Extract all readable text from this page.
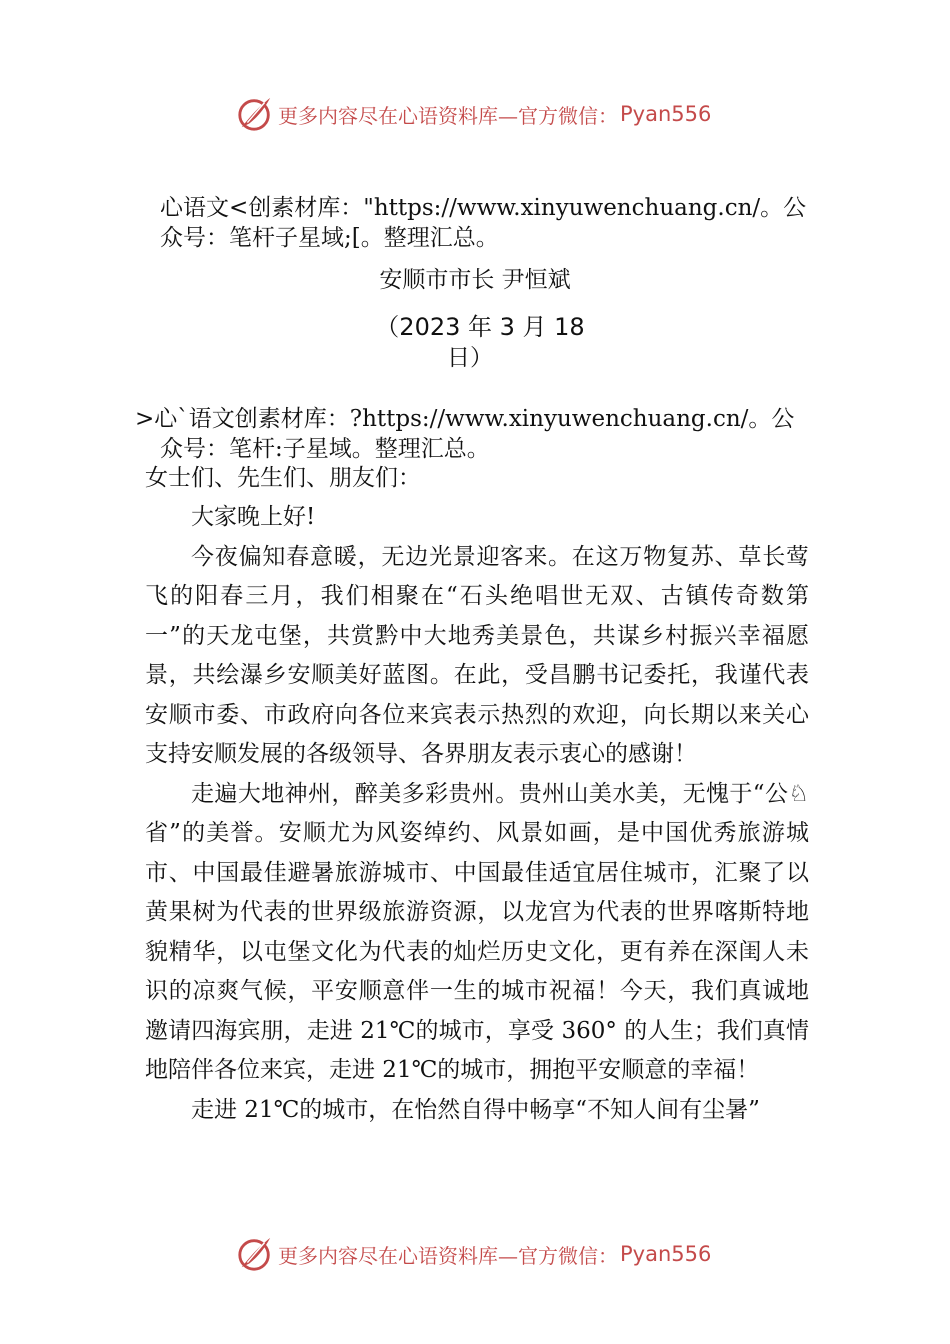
更多内容尽在心语资料库—官方微信： Pyan556
心语文<创素材库："https://www.xinyuwenchuang.cn/。公
众号：笔杆子星域;[。整理汇总。
安顺市市长 尹恒斌
（2023 年 3 月 18
日）
>心`语文创素材库：?https://www.xinyuwenchuang.cn/。公
众号：笔杆:子星域。整理汇总。
女士们、先生们、朋友们：

大家晚上好!

今夜偏知春意暖，无边光景迎客来。在这万物复苏、草长莺飞的阳春三月，我们相聚在“石头绝唱世无双、古镇传奇数第一”的天龙屯堡，共赏黔中大地秀美景色，共谋乡村振兴幸福愿景，共绘瀑乡安顺美好蓝图。在此，受昌鹏书记委托，我谨代表安顺市委、市政府向各位来宾表示热烈的欢迎，向长期以来关心支持安顺发展的各级领导、各界朋友表示衷心的感谢！

走遍大地神州，醉美多彩贵州。贵州山美水美，无愧于“公♘省”的美誉。安顺尤为风姿绰约、风景如画，是中国优秀旅游城市、中国最佳避暑旅游城市、中国最佳适宜居住城市，汇聚了以黄果树为代表的世界级旅游资源，以龙宫为代表的世界喀斯特地貌精华，以屯堡文化为代表的灿烂历史文化，更有养在深闺人未识的凉爽气候，平安顺意伴一生的城市祝福！今天，我们真诚地邀请四海宾朋，走进 21℃的城市，享受 360° 的人生；我们真情地陪伴各位来宾，走进 21℃的城市，拥抱平安顺意的幸福！

走进 21℃的城市，在怡然自得中畅享“不知人间有尘暑”

更多内容尽在心语资料库—官方微信： Pyan556
